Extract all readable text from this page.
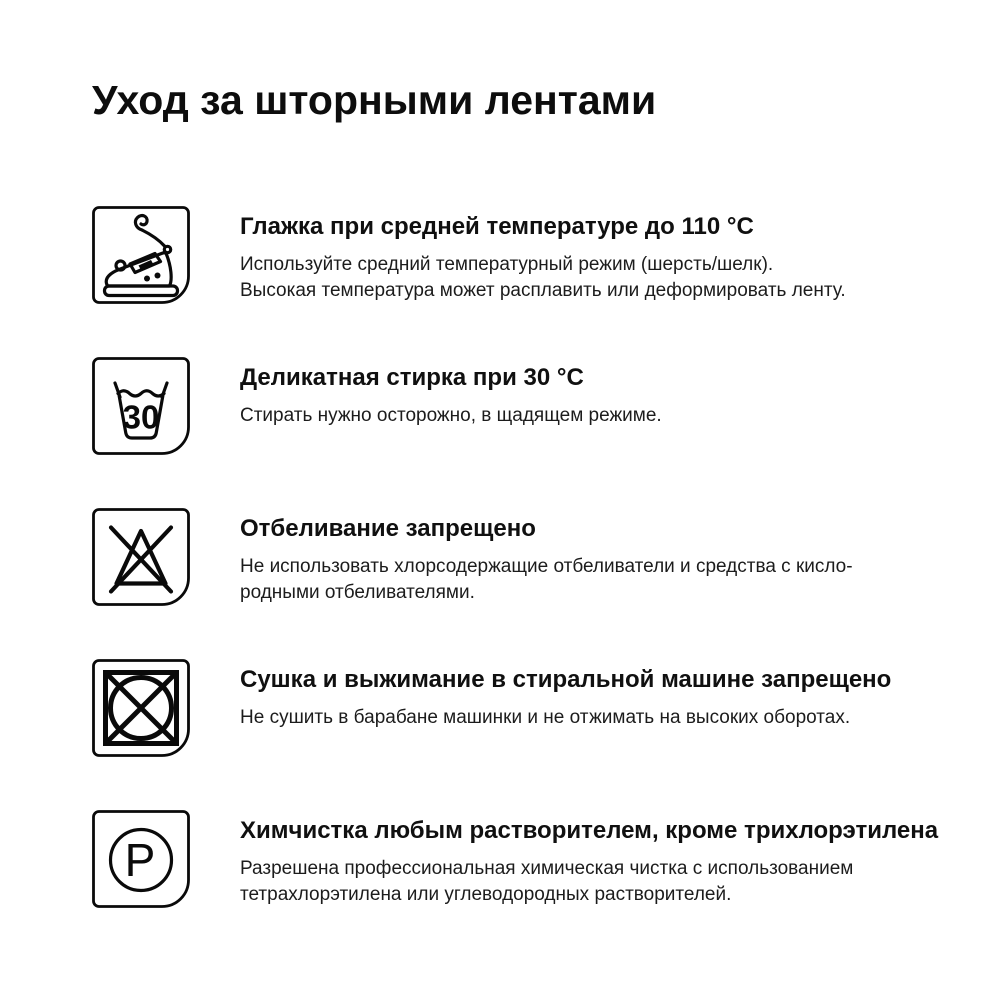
Уход за шторными лентами
Глажка при средней температуре до 110 °C

Используйте средний температурный режим (шерсть/шелк).

Высокая температура может расплавить или деформировать ленту.

30
Деликатная стирка при 30 °C

Стирать нужно осторожно, в щадящем режиме.

Отбеливание запрещено

Не использовать хлорсодержащие отбеливатели и средства с кисло-

родными отбеливателями.

Сушка и выжимание в стиральной машине запрещено

Не сушить в барабане машинки и не отжимать на высоких оборотах.

P
Химчистка любым растворителем, кроме трихлорэтилена

Разрешена профессиональная химическая чистка с использованием

тетрахлорэтилена или углеводородных растворителей.
